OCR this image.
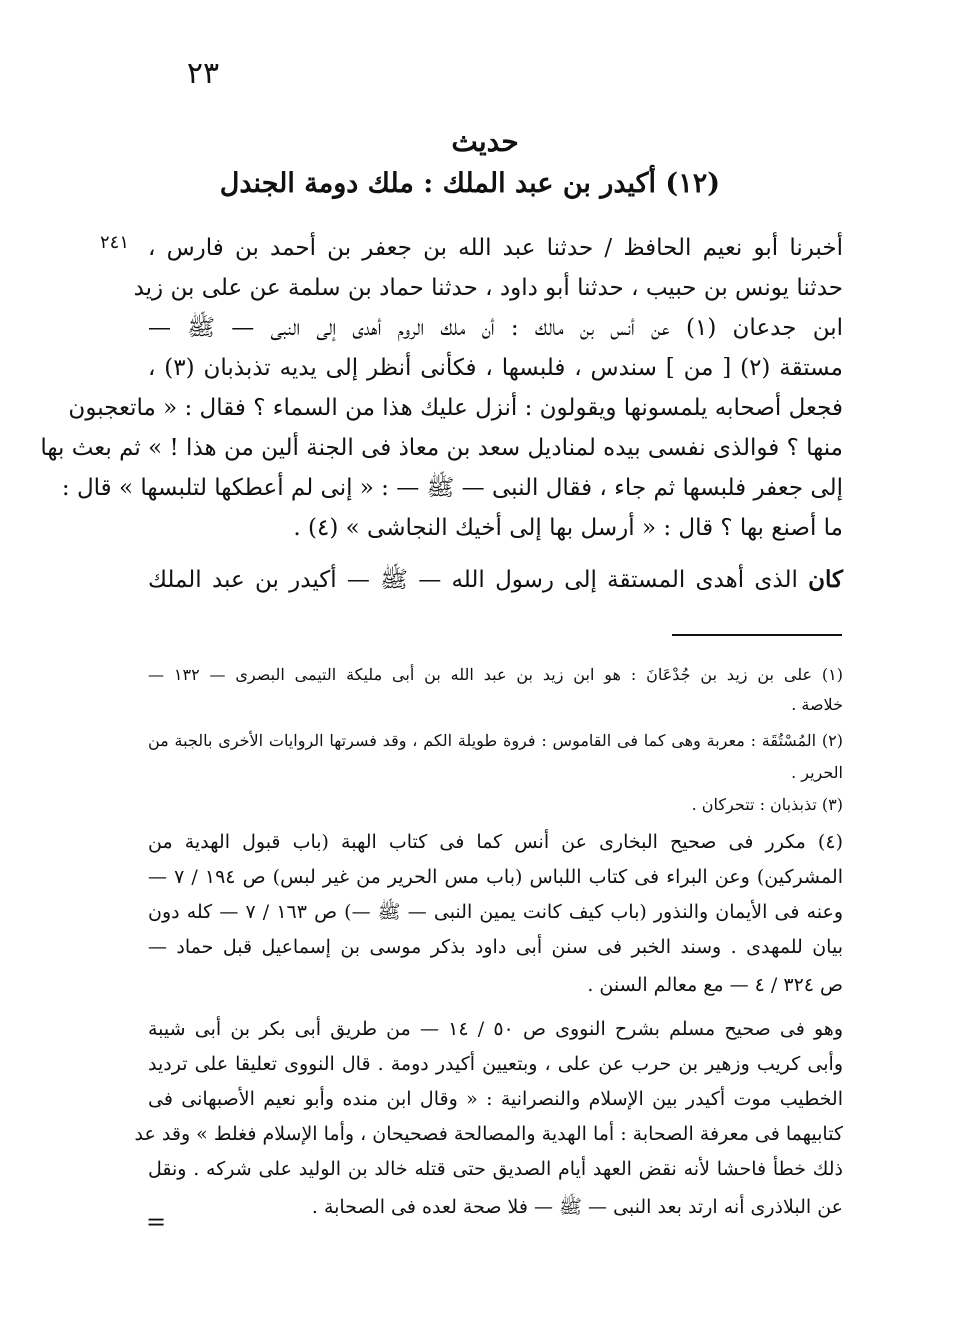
٢٣
حديث
(١٢) أكيدر بن عبد الملك : ملك دومة الجندل
٢٤١ أخبرنا أبو نعيم الحافظ / حدثنا عبد الله بن جعفر بن أحمد بن فارس ،
حدثنا يونس بن حبيب ، حدثنا أبو داود ، حدثنا حماد بن سلمة عن على بن زيد
ابن جدعان (١) عن أنس بن مالك : أن ملك الروم أهدى إلى النبى — ﷺ —
مستقة (٢) [ من ] سندس ، فلبسها ، فكأنى أنظر إلى يديه تذبذبان (٣) ،
فجعل أصحابه يلمسونها ويقولون : أنزل عليك هذا من السماء ؟ فقال : « ماتعجبون
منها ؟ فوالذى نفسى بيده لمناديل سعد بن معاذ فى الجنة ألين من هذا ! » ثم بعث بها
إلى جعفر فلبسها ثم جاء ، فقال النبى — ﷺ — : « إنى لم أعطكها لتلبسها » قال :
ما أصنع بها ؟ قال : « أرسل بها إلى أخيك النجاشى » (٤) .
كان الذى أهدى المستقة إلى رسول الله — ﷺ — أكيدر بن عبد الملك
(١) على بن زيد بن جُدْعَانَ : هو ابن زيد بن عبد الله بن أبى مليكة التيمى البصرى — ١٣٢ —
خلاصة .
(٢) المُسْتُقَة : معربة وهى كما فى القاموس : فروة طويلة الكم ، وقد فسرتها الروايات الأخرى بالجبة من
الحرير .
(٣) تذبذبان : تتحركان .
(٤) مكرر فى صحيح البخارى عن أنس كما فى كتاب الهبة (باب قبول الهدية من
المشركين) وعن البراء فى كتاب اللباس (باب مس الحرير من غير لبس) ص ١٩٤ / ٧ —
وعنه فى الأيمان والنذور (باب كيف كانت يمين النبى — ﷺ —) ص ١٦٣ / ٧ — كله دون
بيان للمهدى . وسند الخبر فى سنن أبى داود بذكر موسى بن إسماعيل قبل حماد —
ص ٣٢٤ / ٤ — مع معالم السنن .
وهو فى صحيح مسلم بشرح النووى ص ٥٠ / ١٤ — من طريق أبى بكر بن أبى شيبة
وأبى كريب وزهير بن حرب عن على ، وبتعيين أكيدر دومة . قال النووى تعليقا على ترديد
الخطيب موت أكيدر بين الإسلام والنصرانية : « وقال ابن منده وأبو نعيم الأصبهانى فى
كتابيهما فى معرفة الصحابة : أما الهدية والمصالحة فصحيحان ، وأما الإسلام فغلط » وقد عد
ذلك خطأ فاحشا لأنه نقض العهد أيام الصديق حتى قتله خالد بن الوليد على شركه . ونقل
عن البلاذرى أنه ارتد بعد النبى — ﷺ — فلا صحة لعده فى الصحابة .
=
